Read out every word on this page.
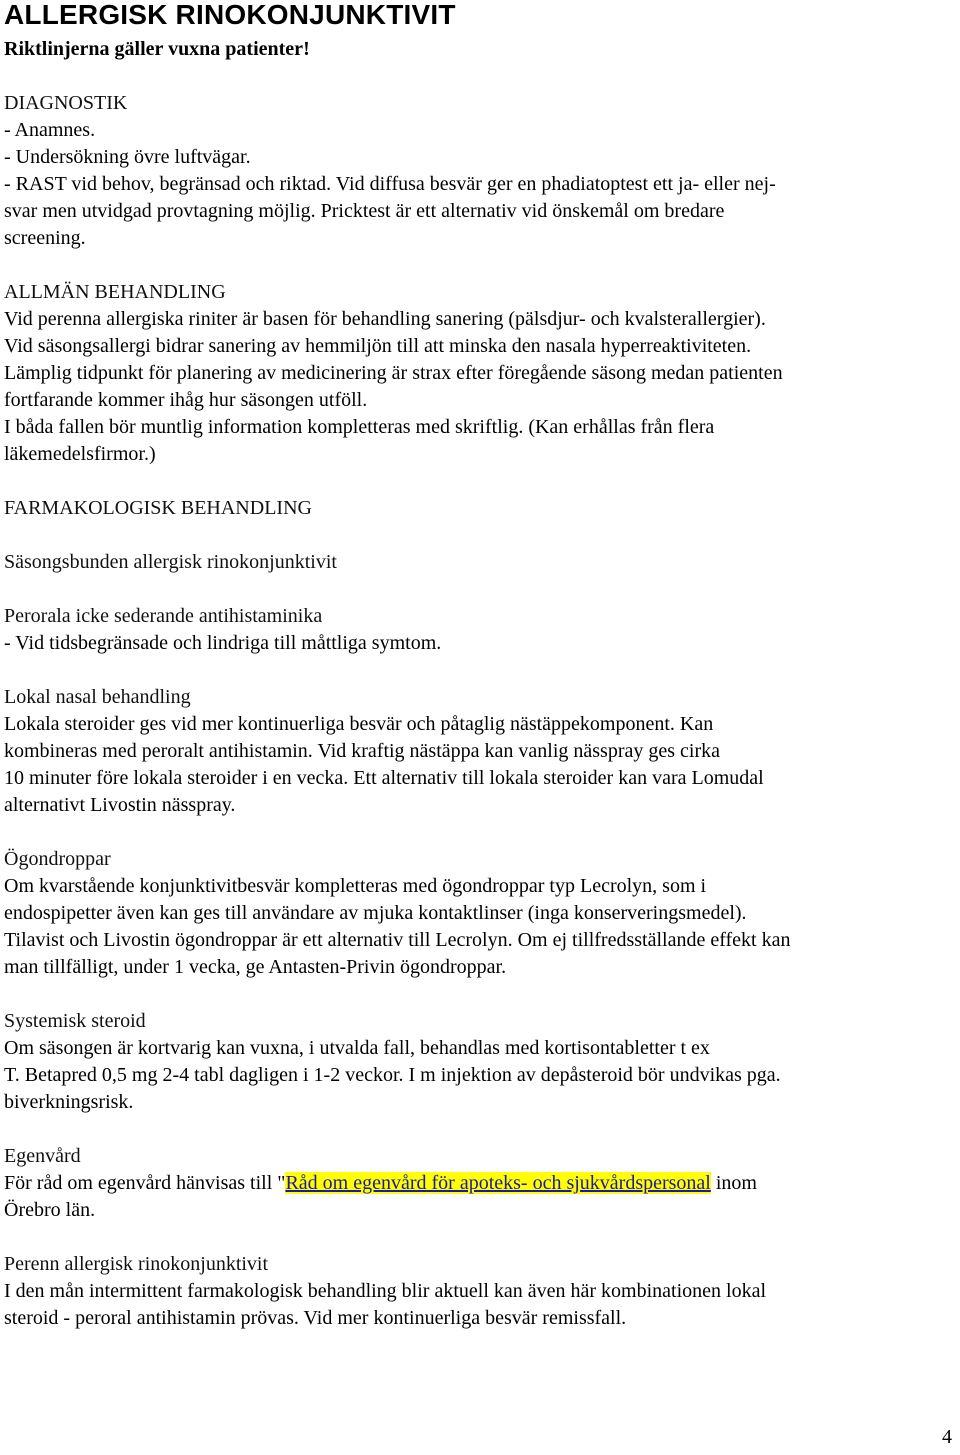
ALLERGISK RINOKONJUNKTIVIT
Riktlinjerna gäller vuxna patienter!
DIAGNOSTIK

- Anamnes.

- Undersökning övre luftvägar.

- RAST vid behov, begränsad och riktad. Vid diffusa besvär ger en phadiatoptest ett ja- eller nej-

svar men utvidgad provtagning möjlig. Pricktest är ett alternativ vid önskemål om bredare

screening.

ALLMÄN BEHANDLING

Vid perenna allergiska riniter är basen för behandling sanering (pälsdjur- och kvalsterallergier).

Vid säsongsallergi bidrar sanering av hemmiljön till att minska den nasala hyperreaktiviteten.

Lämplig tidpunkt för planering av medicinering är strax efter föregående säsong medan patienten

fortfarande kommer ihåg hur säsongen utföll.

I båda fallen bör muntlig information kompletteras med skriftlig. (Kan erhållas från flera

läkemedelsfirmor.)

FARMAKOLOGISK BEHANDLING
Säsongsbunden allergisk rinokonjunktivit
Perorala icke sederande antihistaminika

- Vid tidsbegränsade och lindriga till måttliga symtom.

Lokal nasal behandling

Lokala steroider ges vid mer kontinuerliga besvär och påtaglig nästäppekomponent. Kan

kombineras med peroralt antihistamin. Vid kraftig nästäppa kan vanlig nässpray ges cirka

10 minuter före lokala steroider i en vecka. Ett alternativ till lokala steroider kan vara Lomudal

alternativt Livostin nässpray.

Ögondroppar

Om kvarstående konjunktivitbesvär kompletteras med ögondroppar typ Lecrolyn, som i

endospipetter även kan ges till användare av mjuka kontaktlinser (inga konserveringsmedel).

Tilavist och Livostin ögondroppar är ett alternativ till Lecrolyn. Om ej tillfredsställande effekt kan

man tillfälligt, under 1 vecka, ge Antasten-Privin ögondroppar.

Systemisk steroid

Om säsongen är kortvarig kan vuxna, i utvalda fall, behandlas med kortisontabletter t ex

T. Betapred 0,5 mg 2-4 tabl dagligen i 1-2 veckor. I m injektion av depåsteroid bör undvikas pga.

biverkningsrisk.

Egenvård

För råd om egenvård hänvisas till "Råd om egenvård för apoteks- och sjukvårdspersonal inom

Örebro län.

Perenn allergisk rinokonjunktivit

I den mån intermittent farmakologisk behandling blir aktuell kan även här kombinationen lokal

steroid - peroral antihistamin prövas. Vid mer kontinuerliga besvär remissfall.

4
